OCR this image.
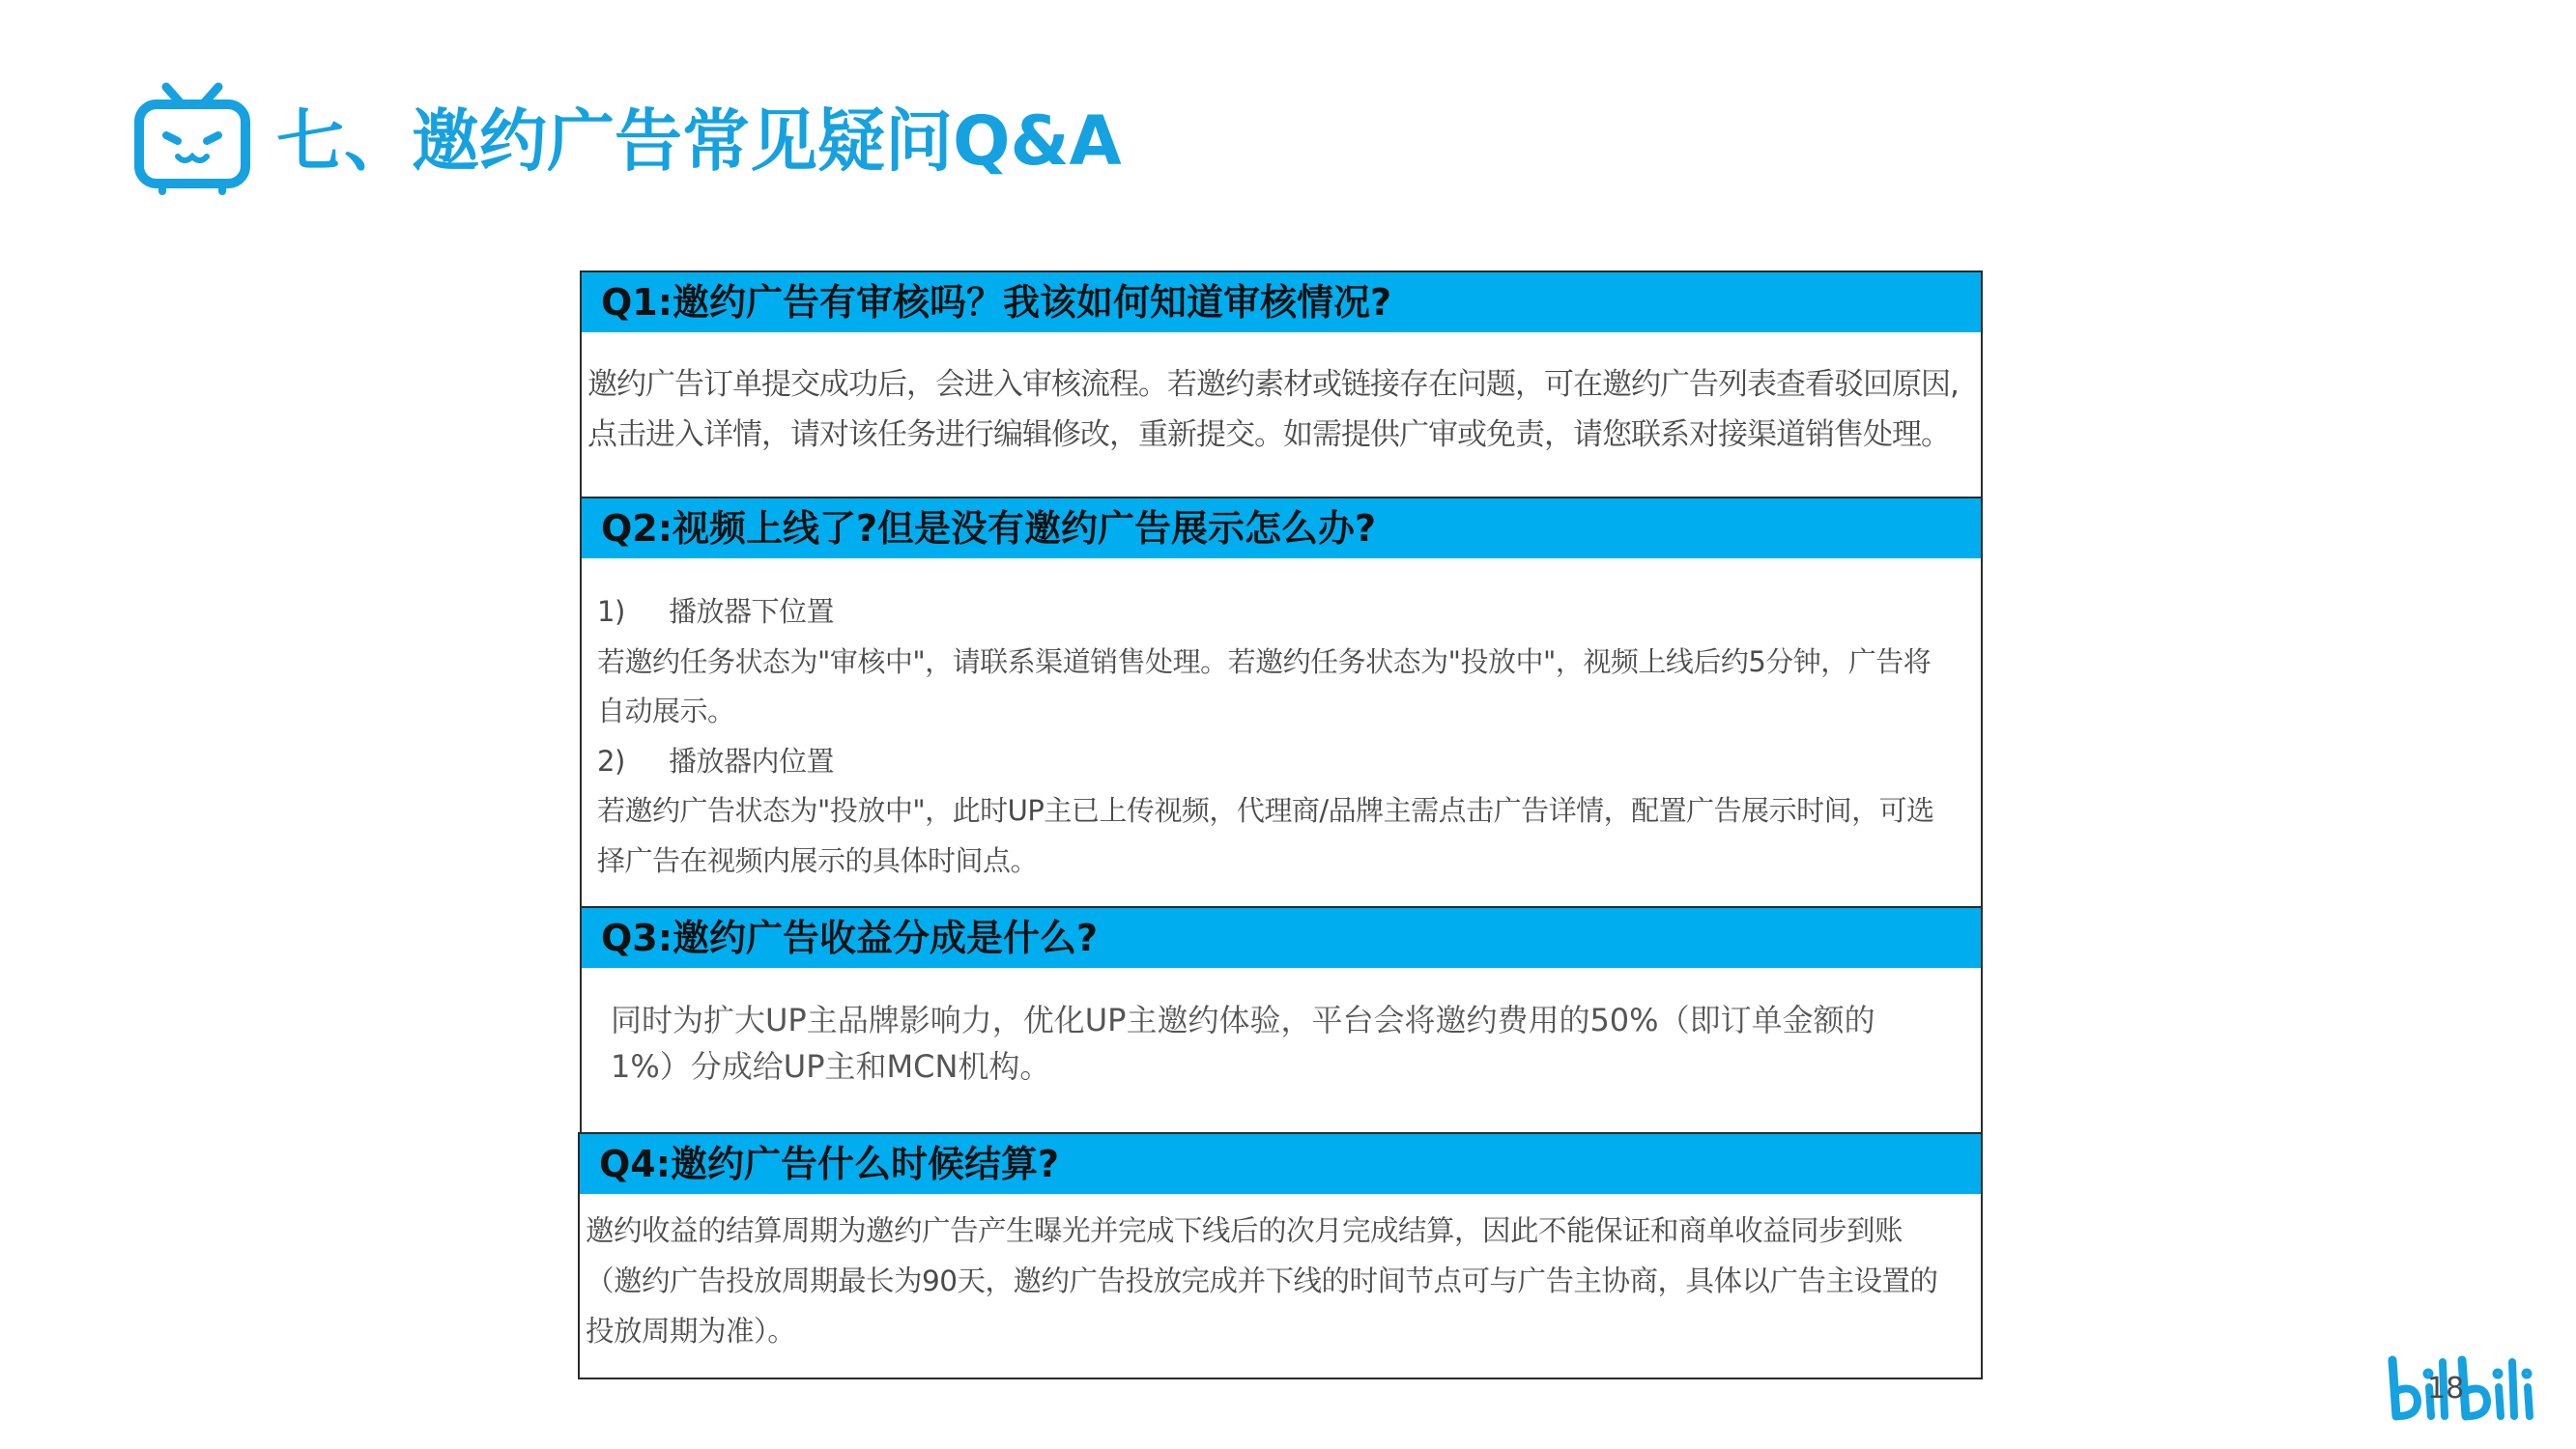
七、邀约广告常见疑问Q&A
Q1:邀约广告有审核吗？我该如何知道审核情况?

邀约广告订单提交成功后，会进入审核流程。若邀约素材或链接存在问题，可在邀约广告列表查看驳回原因,

点击进入详情，请对该任务进行编辑修改，重新提交。如需提供广审或免责，请您联系对接渠道销售处理。

Q2:视频上线了?但是没有邀约广告展示怎么办?

1) 播放器下位置

若邀约任务状态为"审核中"，请联系渠道销售处理。若邀约任务状态为"投放中"，视频上线后约5分钟，广告将

自动展示。

2) 播放器内位置

若邀约广告状态为"投放中"，此时UP主已上传视频，代理商/品牌主需点击广告详情，配置广告展示时间，可选

择广告在视频内展示的具体时间点。

Q3:邀约广告收益分成是什么?

同时为扩大UP主品牌影响力，优化UP主邀约体验，平台会将邀约费用的50%（即订单金额的

1%）分成给UP主和MCN机构。

Q4:邀约广告什么时候结算?

邀约收益的结算周期为邀约广告产生曝光并完成下线后的次月完成结算，因此不能保证和商单收益同步到账

（邀约广告投放周期最长为90天，邀约广告投放完成并下线的时间节点可与广告主协商，具体以广告主设置的

投放周期为准）。

18
